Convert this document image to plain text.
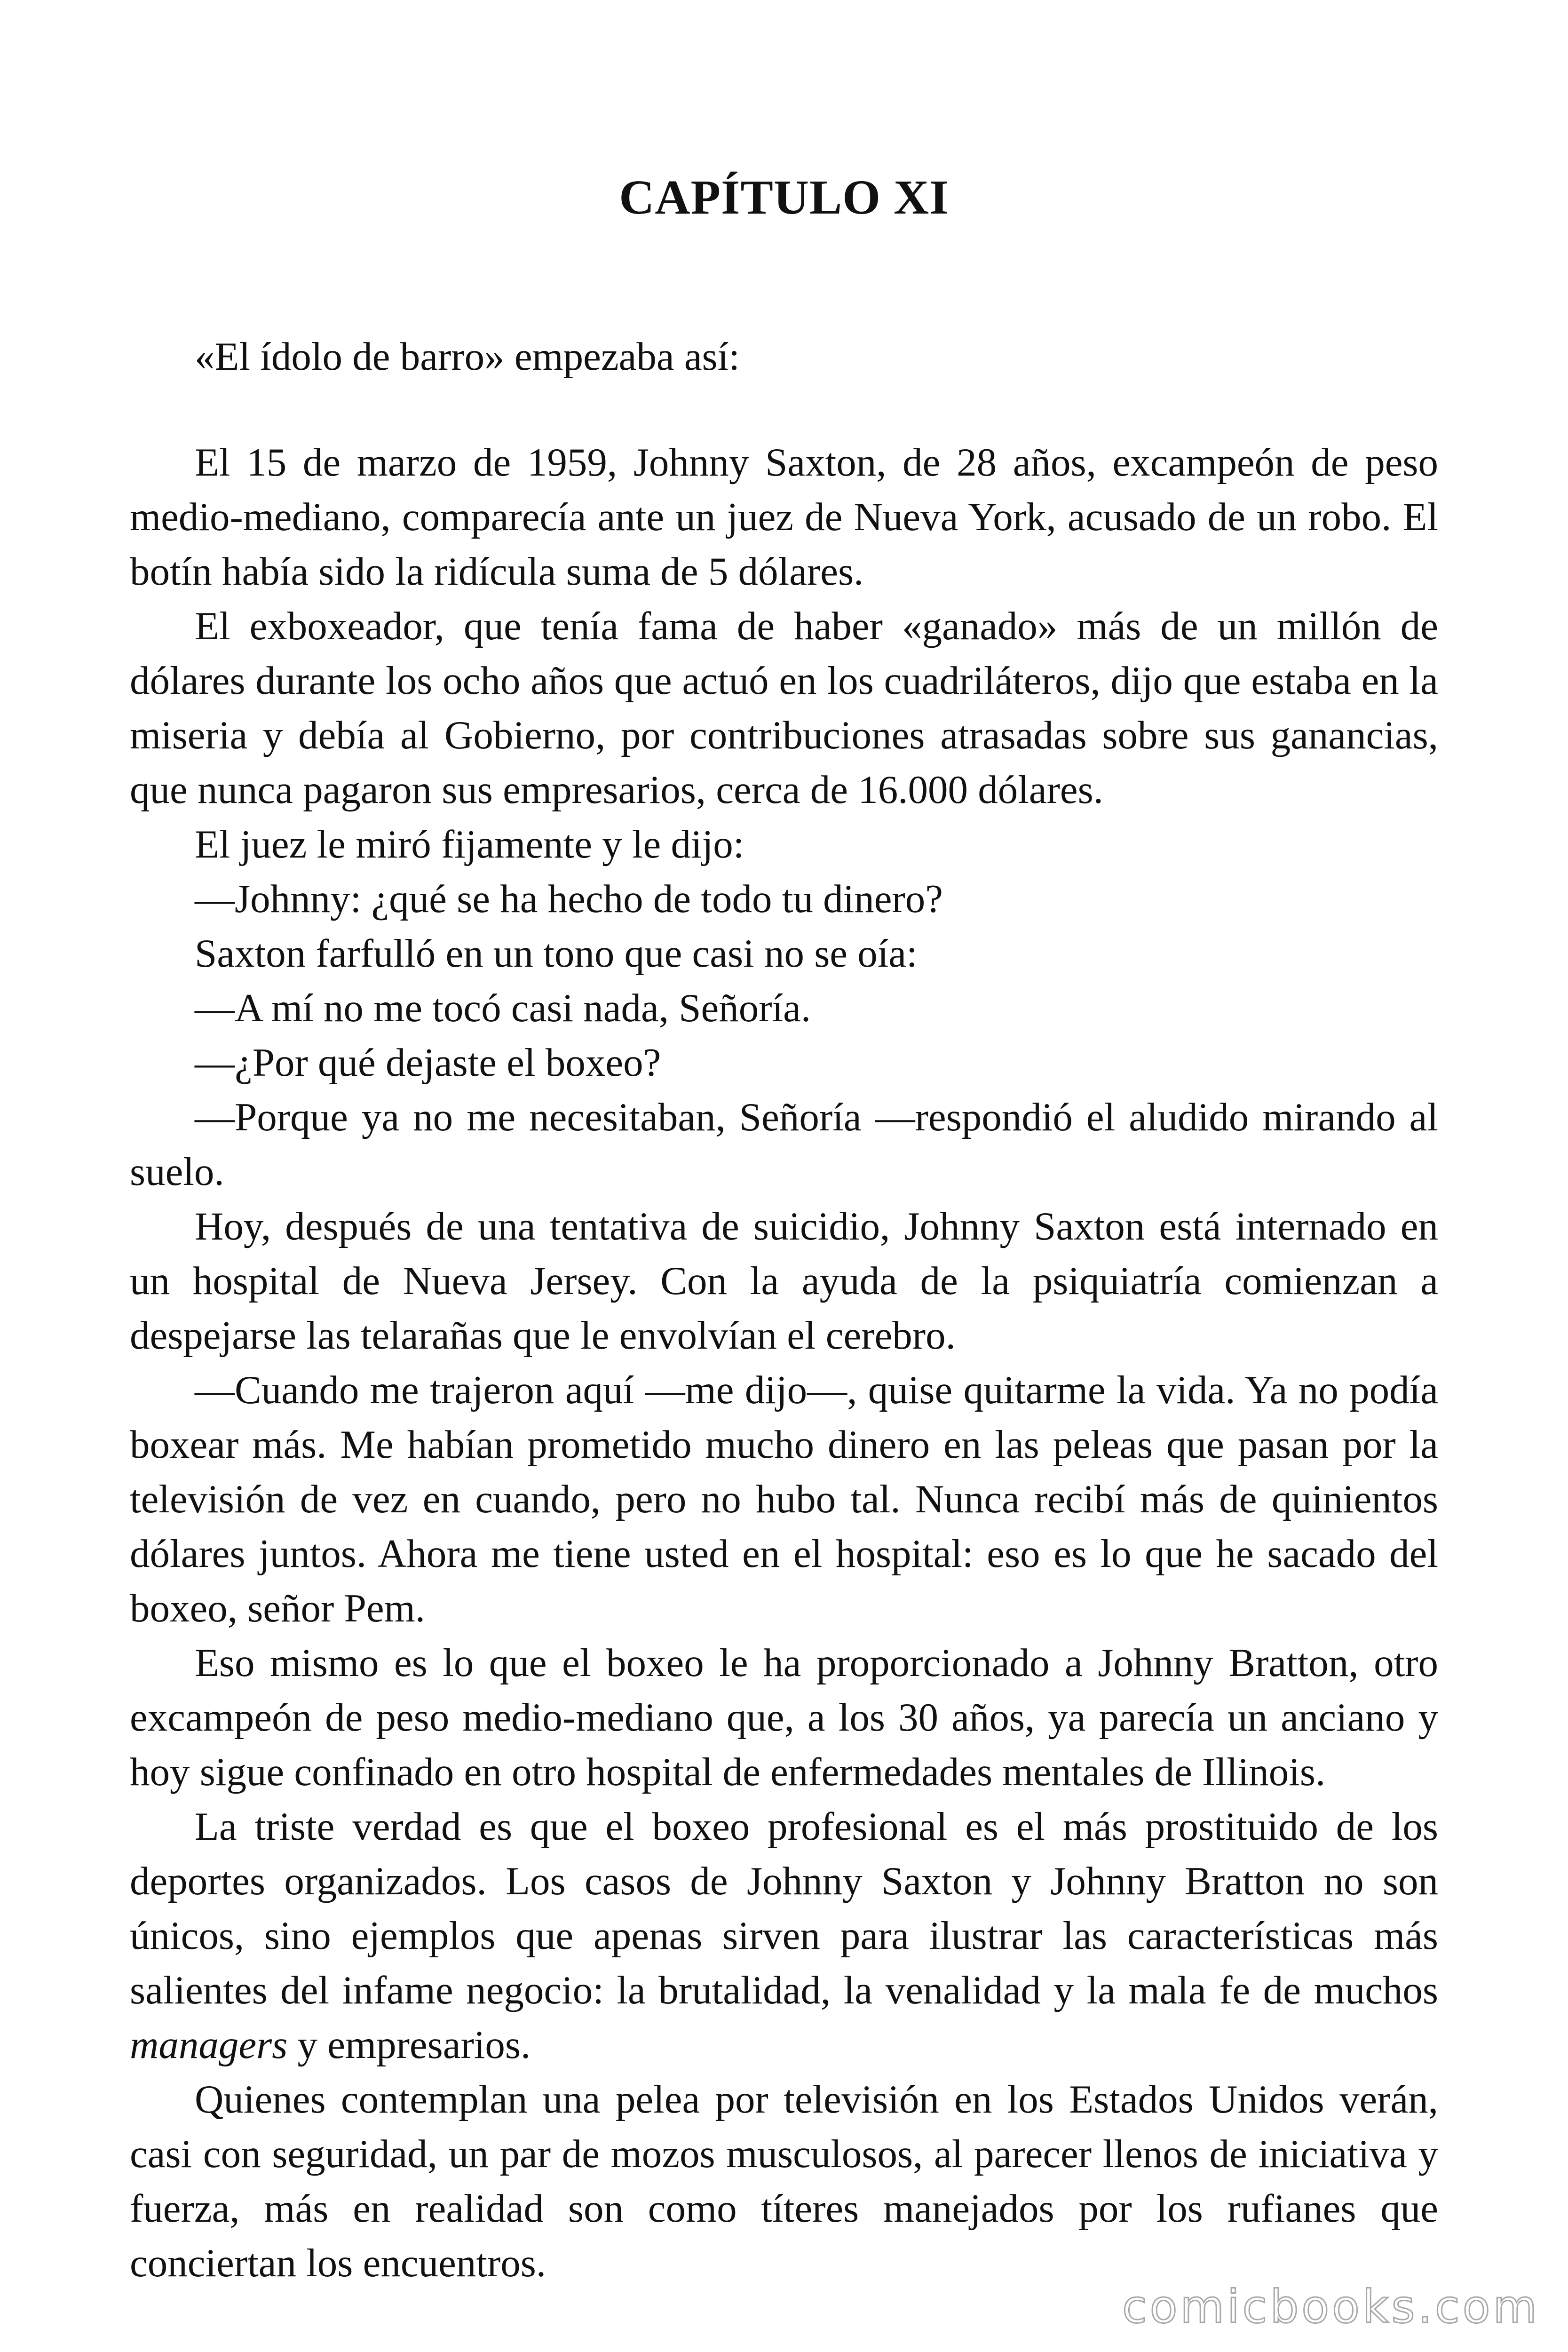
CAPÍTULO XI

«El ídolo de barro» empezaba así:

El 15 de marzo de 1959, Johnny Saxton, de 28 años, excampeón de peso medio-mediano, comparecía ante un juez de Nueva York, acusado de un robo. El botín había sido la ridícula suma de 5 dólares.

El exboxeador, que tenía fama de haber «ganado» más de un millón de dólares durante los ocho años que actuó en los cuadriláteros, dijo que estaba en la miseria y debía al Gobierno, por contribuciones atrasadas sobre sus ganancias, que nunca pagaron sus empresarios, cerca de 16.000 dólares.

El juez le miró fijamente y le dijo:

—Johnny: ¿qué se ha hecho de todo tu dinero?

Saxton farfulló en un tono que casi no se oía:

—A mí no me tocó casi nada, Señoría.

—¿Por qué dejaste el boxeo?

—Porque ya no me necesitaban, Señoría —respondió el aludido mirando al suelo.

Hoy, después de una tentativa de suicidio, Johnny Saxton está internado en un hospital de Nueva Jersey. Con la ayuda de la psiquiatría comienzan a despejarse las telarañas que le envolvían el cerebro.

—Cuando me trajeron aquí —me dijo—, quise quitarme la vida. Ya no podía boxear más. Me habían prometido mucho dinero en las peleas que pasan por la televisión de vez en cuando, pero no hubo tal. Nunca recibí más de quinientos dólares juntos. Ahora me tiene usted en el hospital: eso es lo que he sacado del boxeo, señor Pem.

Eso mismo es lo que el boxeo le ha proporcionado a Johnny Bratton, otro excampeón de peso medio-mediano que, a los 30 años, ya parecía un anciano y hoy sigue confinado en otro hospital de enfermedades mentales de Illinois.

La triste verdad es que el boxeo profesional es el más prostituido de los deportes organizados. Los casos de Johnny Saxton y Johnny Bratton no son únicos, sino ejemplos que apenas sirven para ilustrar las características más salientes del infame negocio: la brutalidad, la venalidad y la mala fe de muchos managers y empresarios.

Quienes contemplan una pelea por televisión en los Estados Unidos verán, casi con seguridad, un par de mozos musculosos, al parecer llenos de iniciativa y fuerza, más en realidad son como títeres manejados por los rufianes que conciertan los encuentros.

comicbooks.com
